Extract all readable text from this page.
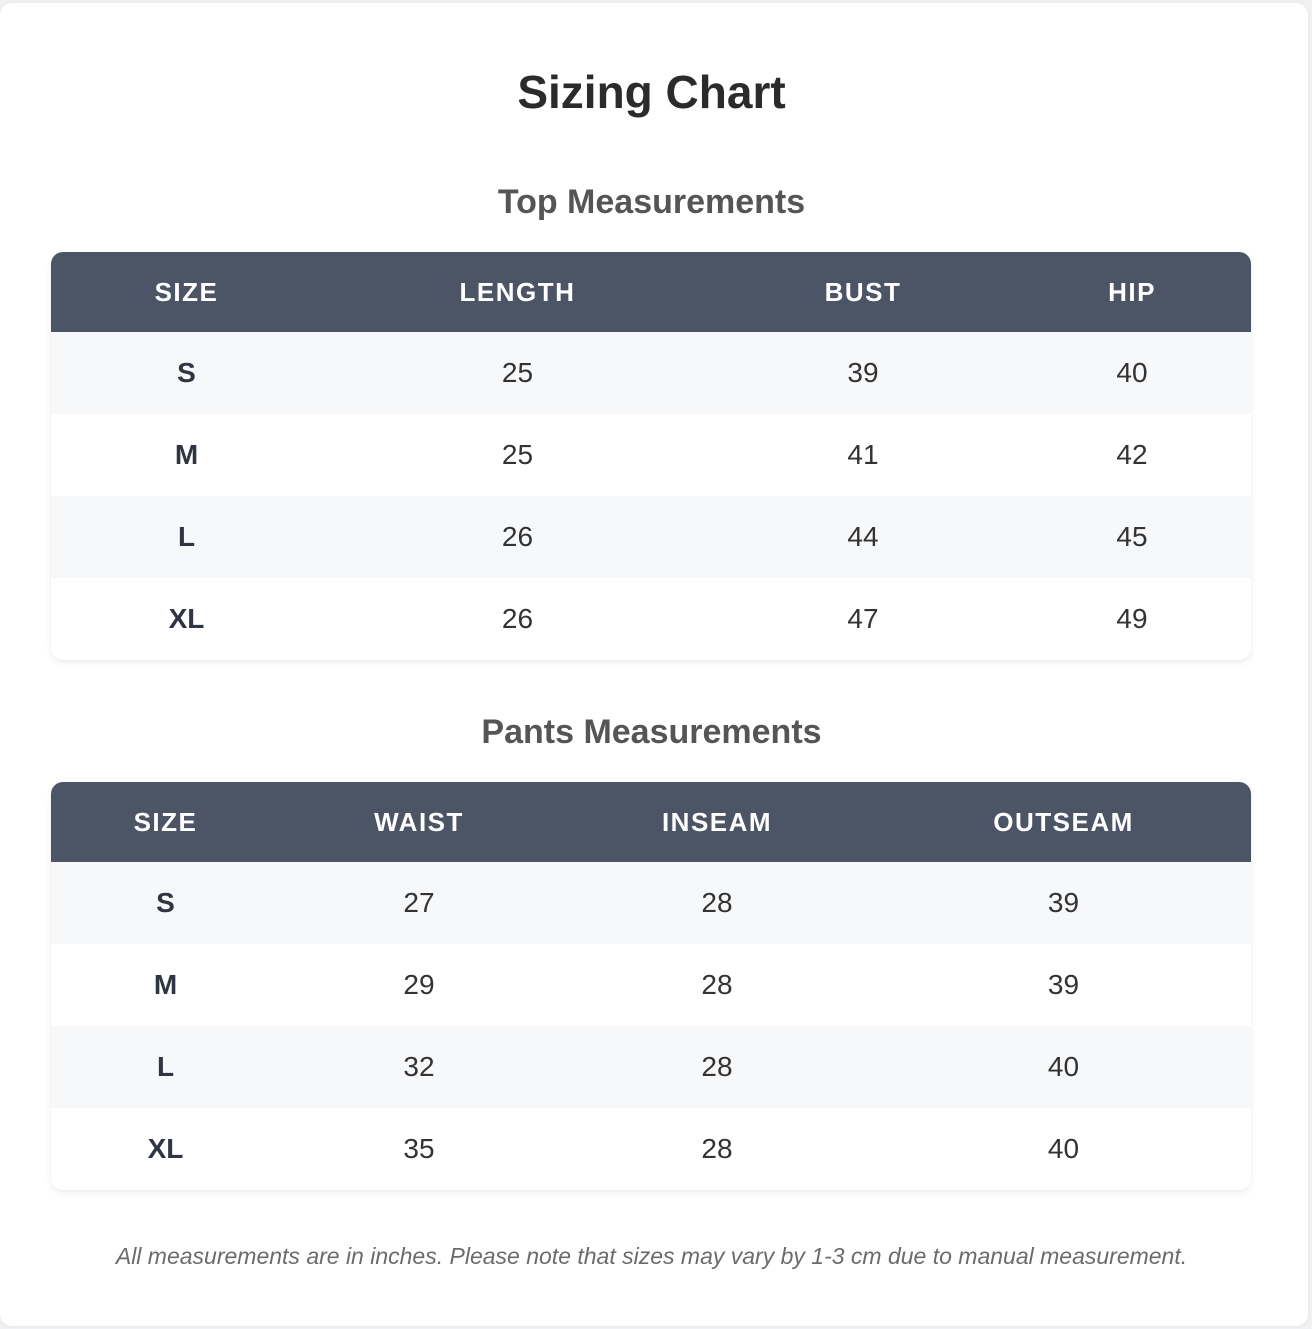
Sizing Chart
Top Measurements
SIZE	LENGTH	BUST	HIP
S	25	39	40
M	25	41	42
L	26	44	45
XL	26	47	49
Pants Measurements
SIZE	WAIST	INSEAM	OUTSEAM
S	27	28	39
M	29	28	39
L	32	28	40
XL	35	28	40

All measurements are in inches. Please note that sizes may vary by 1-3 cm due to manual measurement.
